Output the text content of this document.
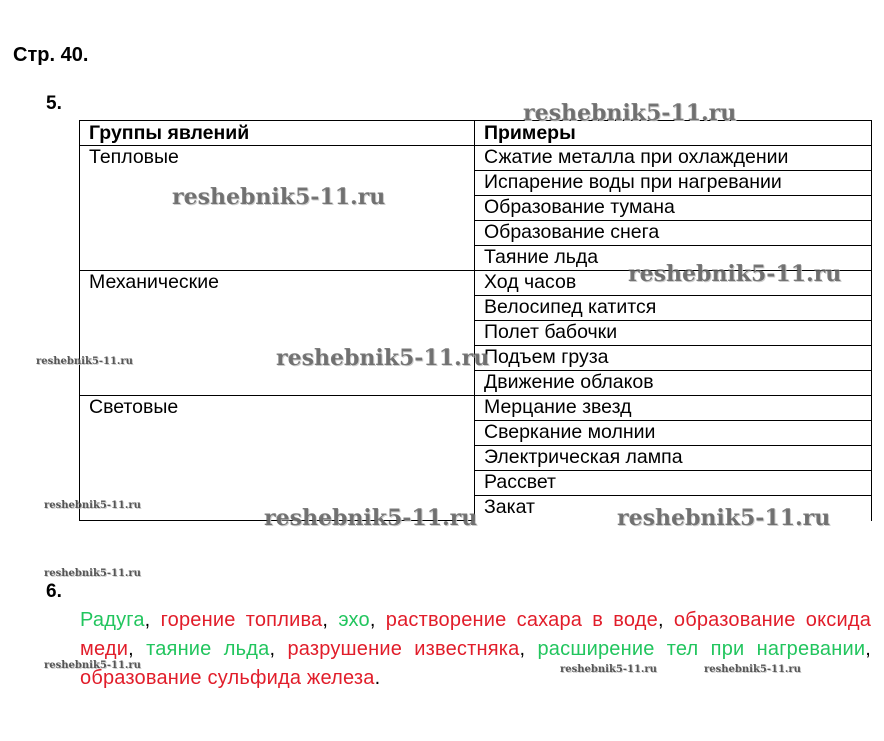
Стр. 40.
5.
Группы явлений	Примеры
Тепловые	Сжатие металла при охлаждении
	Испарение воды при нагревании
	Образование тумана
	Образование снега
	Таяние льда
Механические	Ход часов
	Велосипед катится
	Полет бабочки
	Подъем груза
	Движение облаков
Световые	Мерцание звезд
	Сверкание молнии
	Электрическая лампа
	Рассвет
	Закат
6.
Радуга, горение топлива, эхо, растворение сахара в воде, образование оксида меди, таяние льда, разрушение известняка, расширение тел при нагревании, образование сульфида железа.
reshebnik5-11.ru
reshebnik5-11.ru
reshebnik5-11.ru
reshebnik5-11.ru
reshebnik5-11.ru	reshebnik5-11.ru
reshebnik5-11.ru
reshebnik5-11.ru
reshebnik5-11.ru
reshebnik5-11.ru	reshebnik5-11.ru	reshebnik5-11.ru
